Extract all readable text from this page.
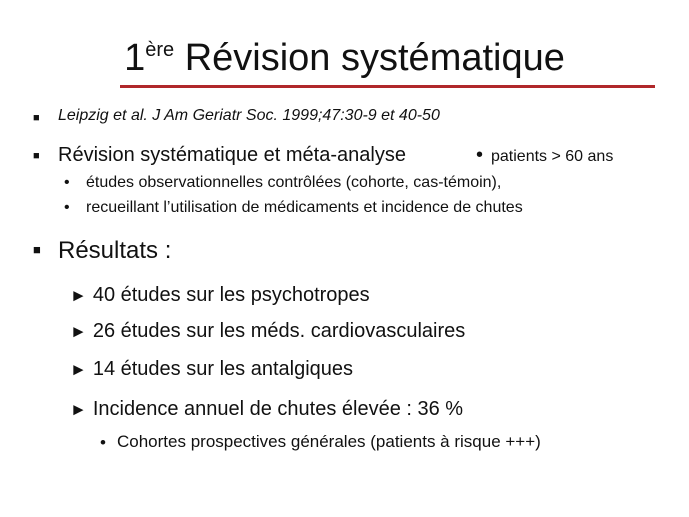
1ère Révision systématique
■
Leipzig et al. J Am Geriatr Soc. 1999;47:30-9 et 40-50
■
Révision systématique et méta-analyse
•	patients > 60 ans
•
études observationnelles contrôlées (cohorte, cas-témoin),
•
recueillant l’utilisation de médicaments et incidence de chutes
■
Résultats :
► 40 études sur les psychotropes
► 26 études sur les méds. cardiovasculaires
► 14 études sur les antalgiques
► Incidence annuel de chutes élevée : 36 %
•
Cohortes prospectives générales (patients à risque +++)
